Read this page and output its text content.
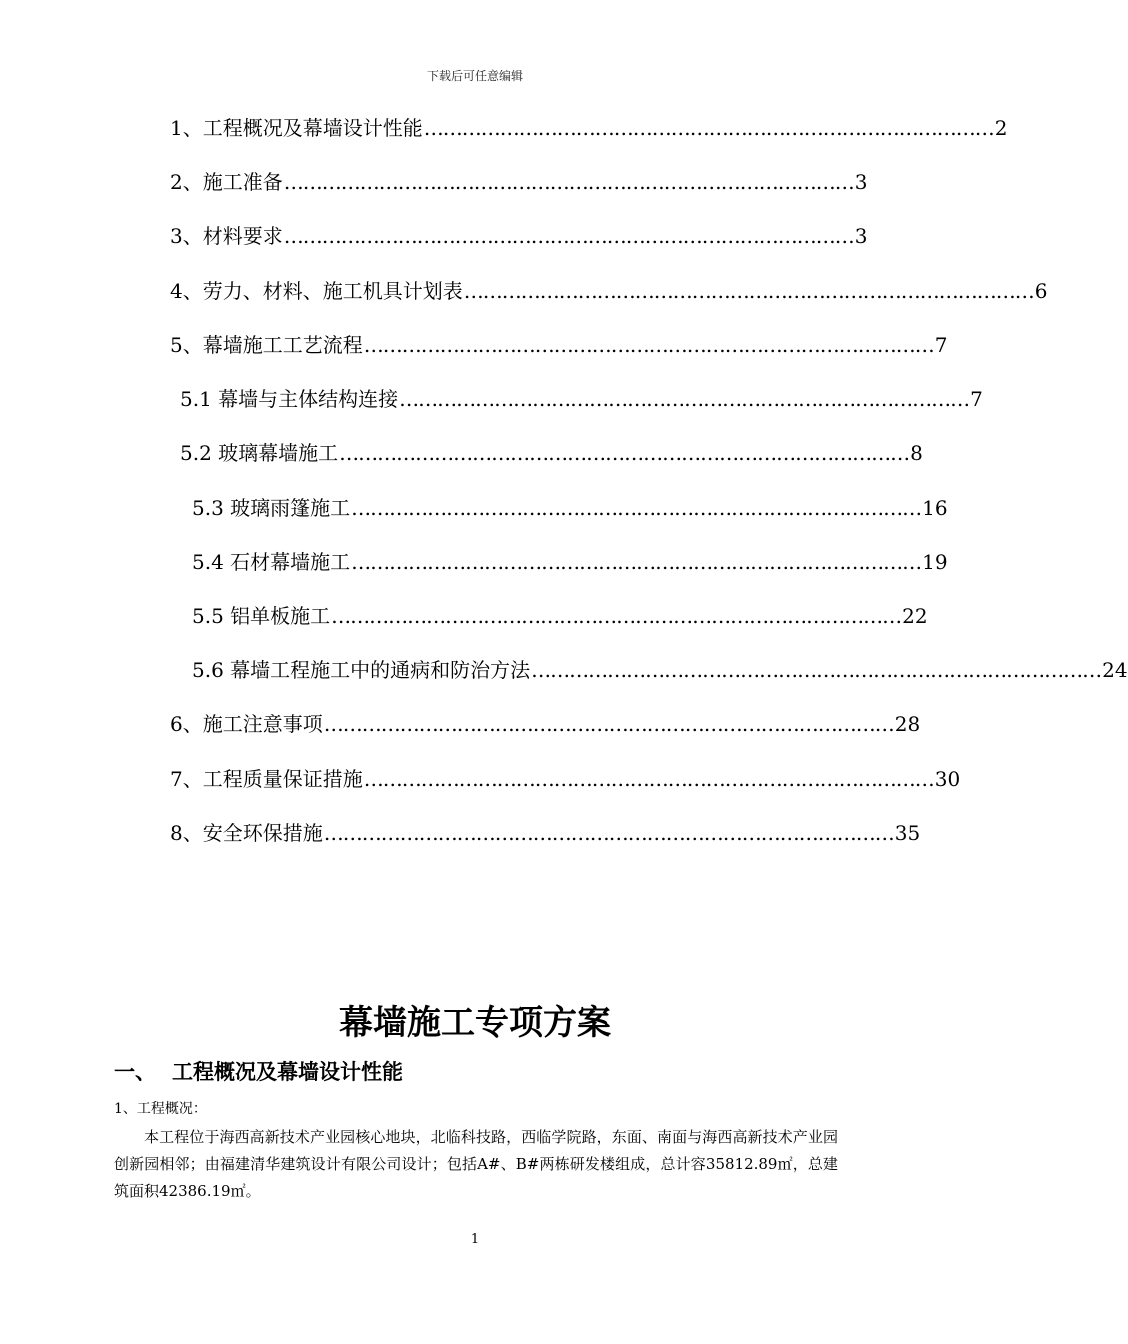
下载后可任意编辑
1、工程概况及幕墙设计性能 ……………………………………………………………………………… 2
2、施工准备 ……………………………………………………………………………… 3
3、材料要求 ……………………………………………………………………………… 3
4、劳力、材料、施工机具计划表 ……………………………………………………………………………… 6
5、幕墙施工工艺流程 ……………………………………………………………………………… 7
5.1 幕墙与主体结构连接 ……………………………………………………………………………… 7
5.2 玻璃幕墙施工 ……………………………………………………………………………… 8
5.3 玻璃雨篷施工 ……………………………………………………………………………… 16
5.4 石材幕墙施工 ……………………………………………………………………………… 19
5.5 铝单板施工 ……………………………………………………………………………… 22
5.6 幕墙工程施工中的通病和防治方法 ……………………………………………………………………………… 24
6、施工注意事项 ……………………………………………………………………………… 28
7、工程质量保证措施 ……………………………………………………………………………… 30
8、安全环保措施 ……………………………………………………………………………… 35
幕墙施工专项方案
一、 工程概况及幕墙设计性能
1、工程概况：
本工程位于海西高新技术产业园核心地块，北临科技路，西临学院路，东面、南面与海西高新技术产业园创新园相邻；由福建清华建筑设计有限公司设计；包括A#、B#两栋研发楼组成，总计容35812.89㎡，总建筑面积42386.19㎡。
1
